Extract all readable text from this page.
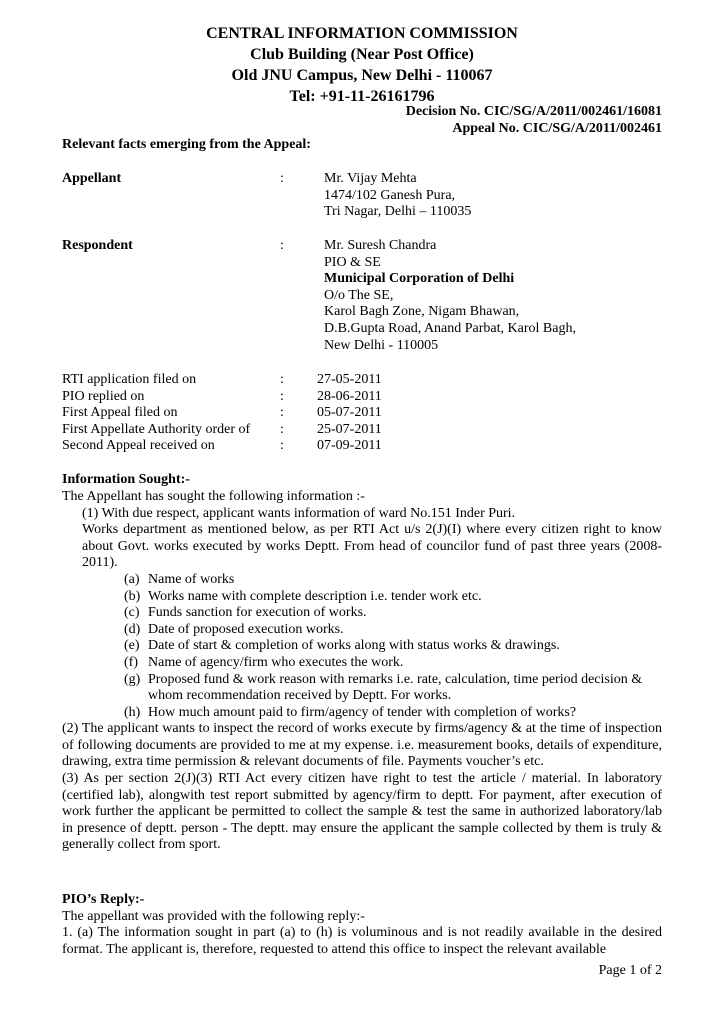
CENTRAL INFORMATION COMMISSION
Club Building (Near Post Office)
Old JNU Campus, New Delhi - 110067
Tel: +91-11-26161796
Decision No. CIC/SG/A/2011/002461/16081
Appeal No. CIC/SG/A/2011/002461
Relevant facts emerging from the Appeal:
Appellant	:	Mr. Vijay Mehta
1474/102 Ganesh Pura,
Tri Nagar, Delhi – 110035
Respondent	:	Mr. Suresh Chandra
PIO & SE
Municipal Corporation of Delhi
O/o The SE,
Karol Bagh Zone, Nigam Bhawan,
D.B.Gupta Road, Anand Parbat, Karol Bagh,
New Delhi - 110005
RTI application filed on	: 27-05-2011
PIO replied on	: 28-06-2011
First Appeal filed on	: 05-07-2011
First Appellate Authority order of : 25-07-2011
Second Appeal received on	: 07-09-2011
Information Sought:-
The Appellant has sought the following information :-
(1) With due respect, applicant wants information of ward No.151 Inder Puri.
Works department as mentioned below, as per RTI Act u/s 2(J)(I) where every citizen right to know about Govt. works executed by works Deptt. From head of councilor fund of past three years (2008-2011).
(a) Name of works
(b) Works name with complete description i.e. tender work etc.
(c) Funds sanction for execution of works.
(d) Date of proposed execution works.
(e) Date of start & completion of works along with status works & drawings.
(f) Name of agency/firm who executes the work.
(g) Proposed fund & work reason with remarks i.e. rate, calculation, time period decision & whom recommendation received by Deptt. For works.
(h) How much amount paid to firm/agency of tender with completion of works?
(2) The applicant wants to inspect the record of works execute by firms/agency & at the time of inspection of following documents are provided to me at my expense. i.e. measurement books, details of expenditure, drawing, extra time permission & relevant documents of file. Payments voucher’s etc.
(3) As per section 2(J)(3) RTI Act every citizen have right to test the article / material. In laboratory (certified lab), alongwith test report submitted by agency/firm to deptt. For payment, after execution of work further the applicant be permitted to collect the sample & test the same in authorized laboratory/lab in presence of deptt. person - The deptt. may ensure the applicant the sample collected by them is truly & generally collect from sport.
PIO’s Reply:-
The appellant was provided with the following reply:-
1. (a) The information sought in part (a) to (h) is voluminous and is not readily available in the desired format. The applicant is, therefore, requested to attend this office to inspect the relevant available
Page 1 of 2
